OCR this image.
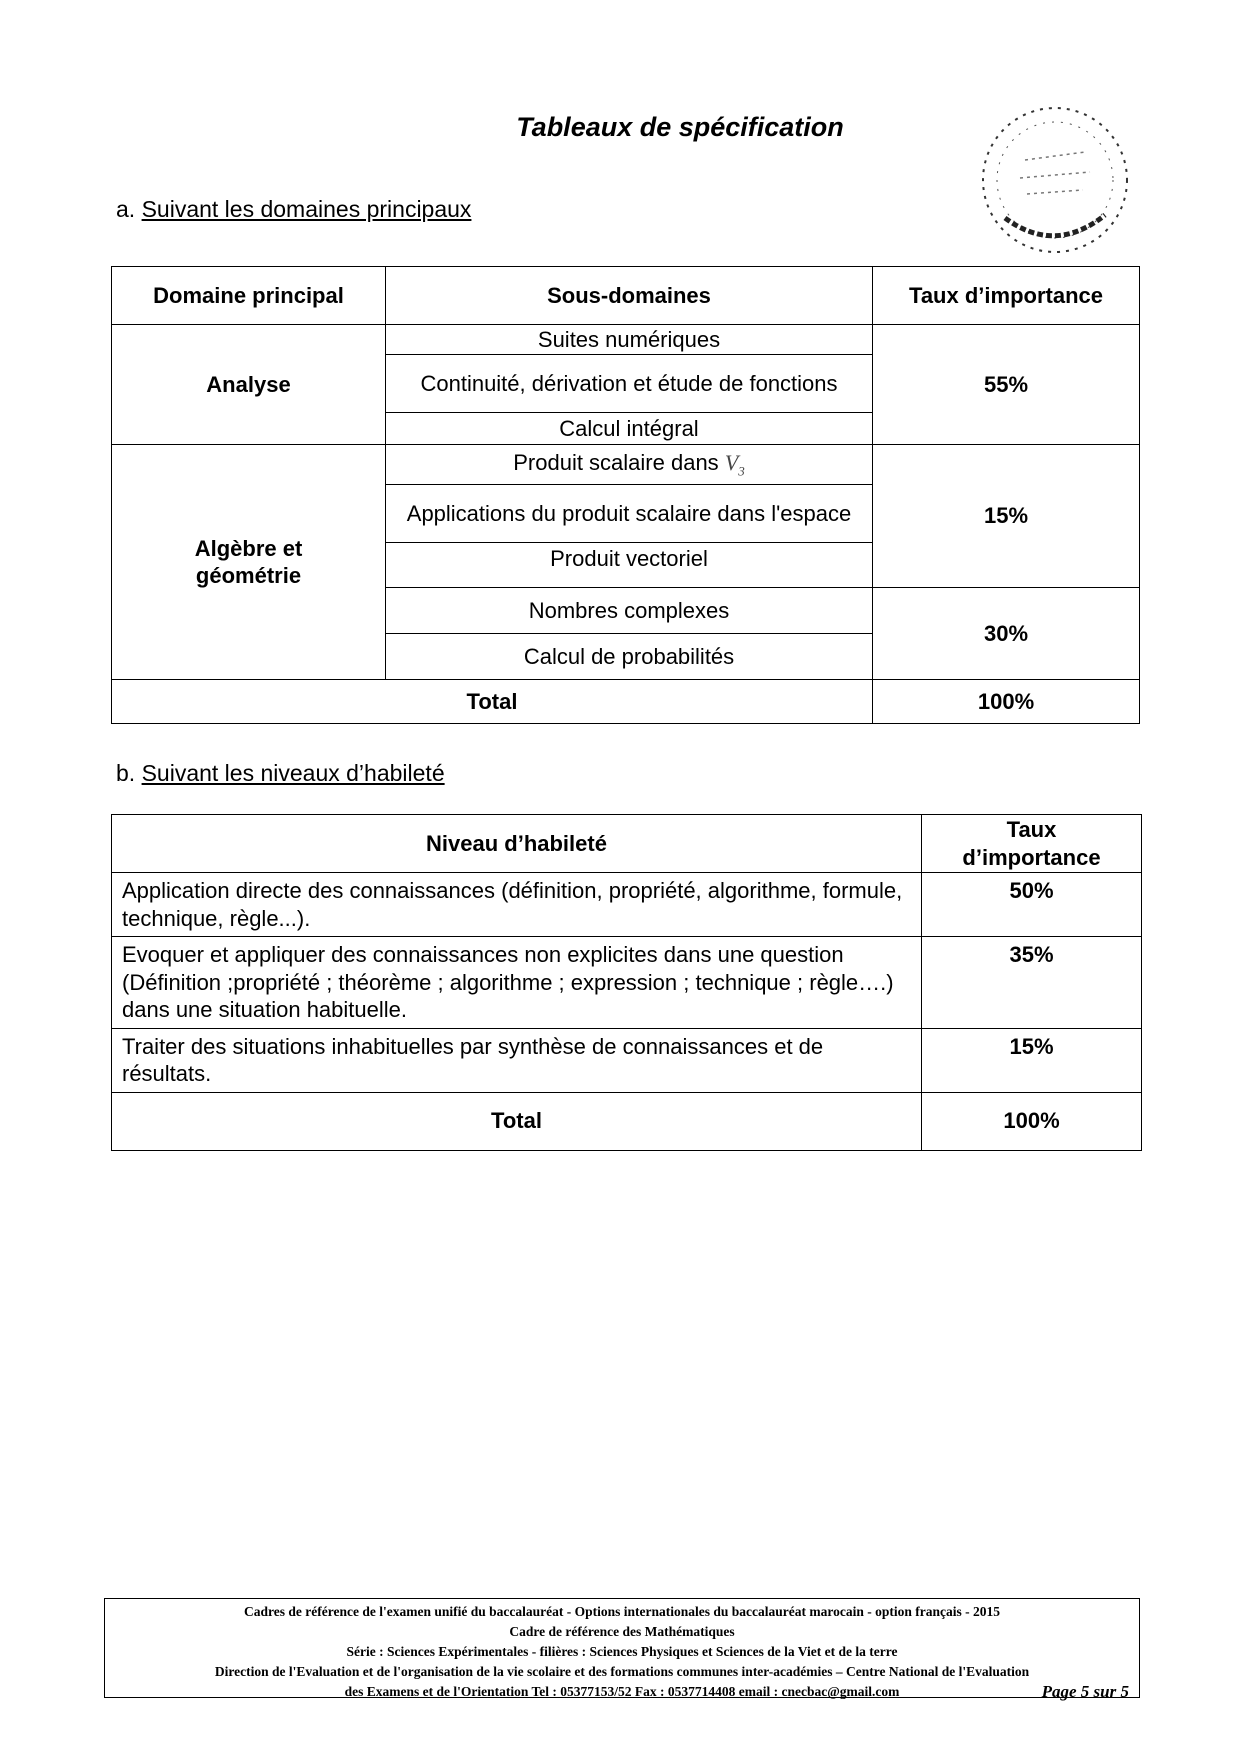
Tableaux de spécification
a. Suivant les domaines principaux
Domaine principal	Sous-domaines	Taux d’importance
Analyse	Suites numériques	55%
	Continuité, dérivation et étude de fonctions	
	Calcul intégral	
Algèbre et géométrie	Produit scalaire dans $V_3$	15%
	Applications du produit scalaire dans l'espace	
	Produit vectoriel	
	Nombres complexes	30%
	Calcul de probabilités	
Total		100%
b. Suivant les niveaux d’habileté
Niveau d’habileté	Taux d’importance
Application directe des connaissances (définition, propriété, algorithme, formule, technique, règle...).	50%
Evoquer et appliquer des connaissances non explicites dans une question (Définition ;propriété ; théorème ; algorithme ; expression ; technique ; règle….) dans une situation habituelle.	35%
Traiter des situations inhabituelles par synthèse de connaissances et de résultats.	15%
Total	100%
Cadres de référence de l'examen unifié du baccalauréat - Options internationales du baccalauréat marocain - option français - 2015
Cadre de référence des Mathématiques
Série : Sciences Expérimentales - filières : Sciences Physiques et Sciences de la Viet et de la terre
Direction de l'Evaluation et de l'organisation de la vie scolaire et des formations communes inter-académies – Centre National de l'Evaluation
des Examens et de l'Orientation Tel : 05377153/52 Fax : 0537714408 email : cnecbac@gmail.com	Page 5 sur 5
